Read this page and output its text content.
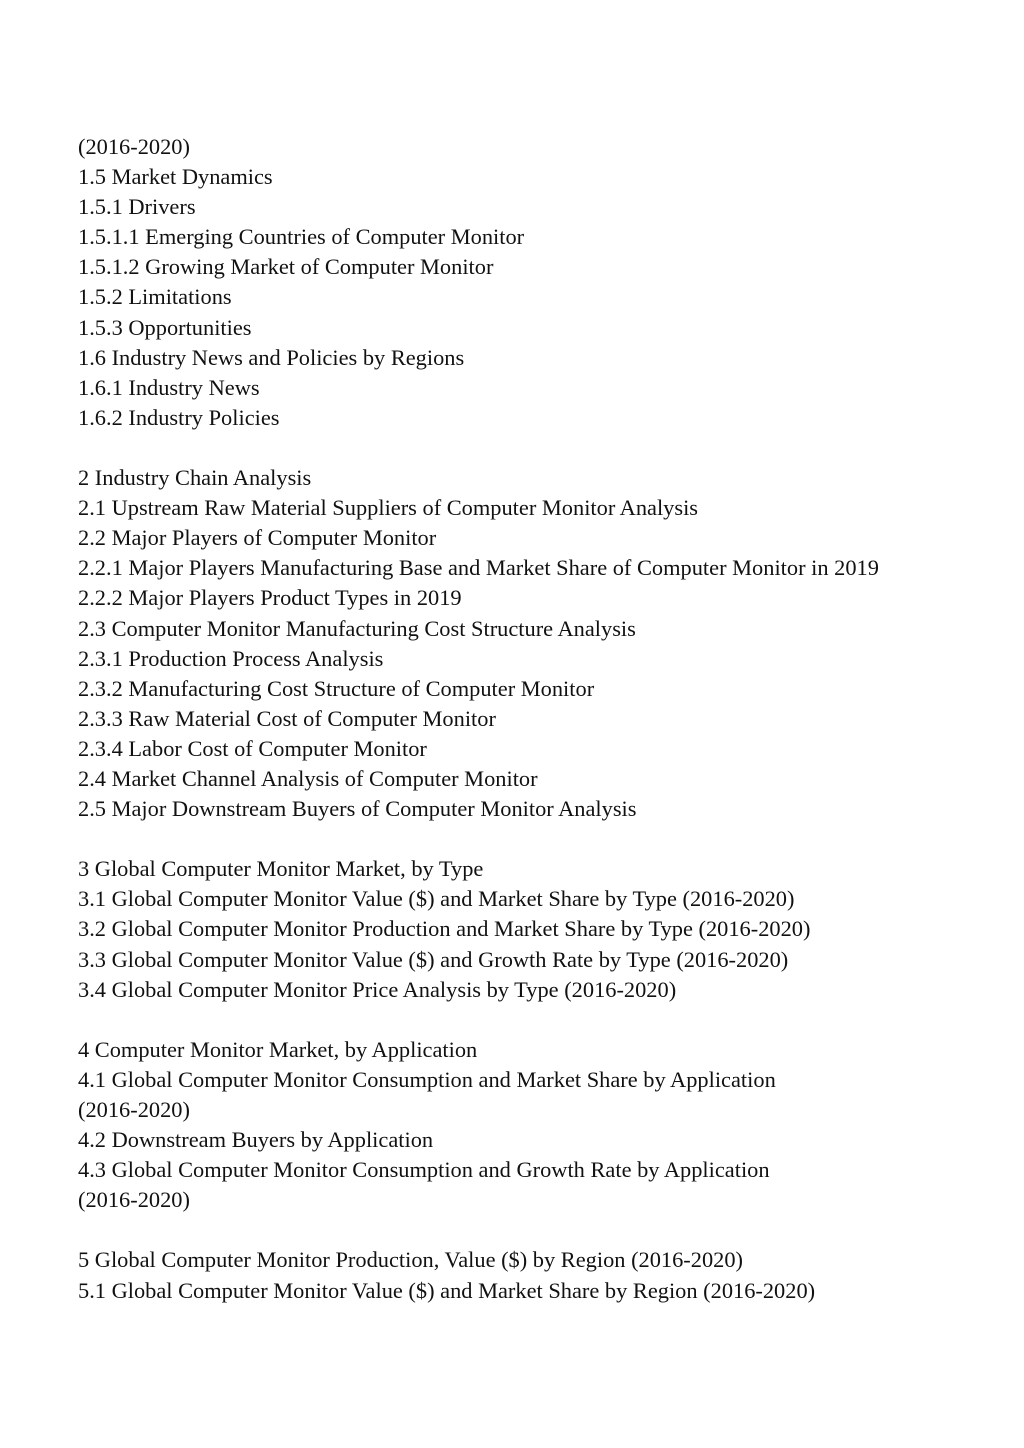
(2016-2020)
1.5 Market Dynamics
1.5.1 Drivers
1.5.1.1 Emerging Countries of Computer Monitor
1.5.1.2 Growing Market of Computer Monitor
1.5.2 Limitations
1.5.3 Opportunities
1.6 Industry News and Policies by Regions
1.6.1 Industry News
1.6.2 Industry Policies
2 Industry Chain Analysis
2.1 Upstream Raw Material Suppliers of Computer Monitor Analysis
2.2 Major Players of Computer Monitor
2.2.1 Major Players Manufacturing Base and Market Share of Computer Monitor in 2019
2.2.2 Major Players Product Types in 2019
2.3 Computer Monitor Manufacturing Cost Structure Analysis
2.3.1 Production Process Analysis
2.3.2 Manufacturing Cost Structure of Computer Monitor
2.3.3 Raw Material Cost of Computer Monitor
2.3.4 Labor Cost of Computer Monitor
2.4 Market Channel Analysis of Computer Monitor
2.5 Major Downstream Buyers of Computer Monitor Analysis
3 Global Computer Monitor Market, by Type
3.1 Global Computer Monitor Value ($) and Market Share by Type (2016-2020)
3.2 Global Computer Monitor Production and Market Share by Type (2016-2020)
3.3 Global Computer Monitor Value ($) and Growth Rate by Type (2016-2020)
3.4 Global Computer Monitor Price Analysis by Type (2016-2020)
4 Computer Monitor Market, by Application
4.1 Global Computer Monitor Consumption and Market Share by Application
(2016-2020)
4.2 Downstream Buyers by Application
4.3 Global Computer Monitor Consumption and Growth Rate by Application
(2016-2020)
5 Global Computer Monitor Production, Value ($) by Region (2016-2020)
5.1 Global Computer Monitor Value ($) and Market Share by Region (2016-2020)
